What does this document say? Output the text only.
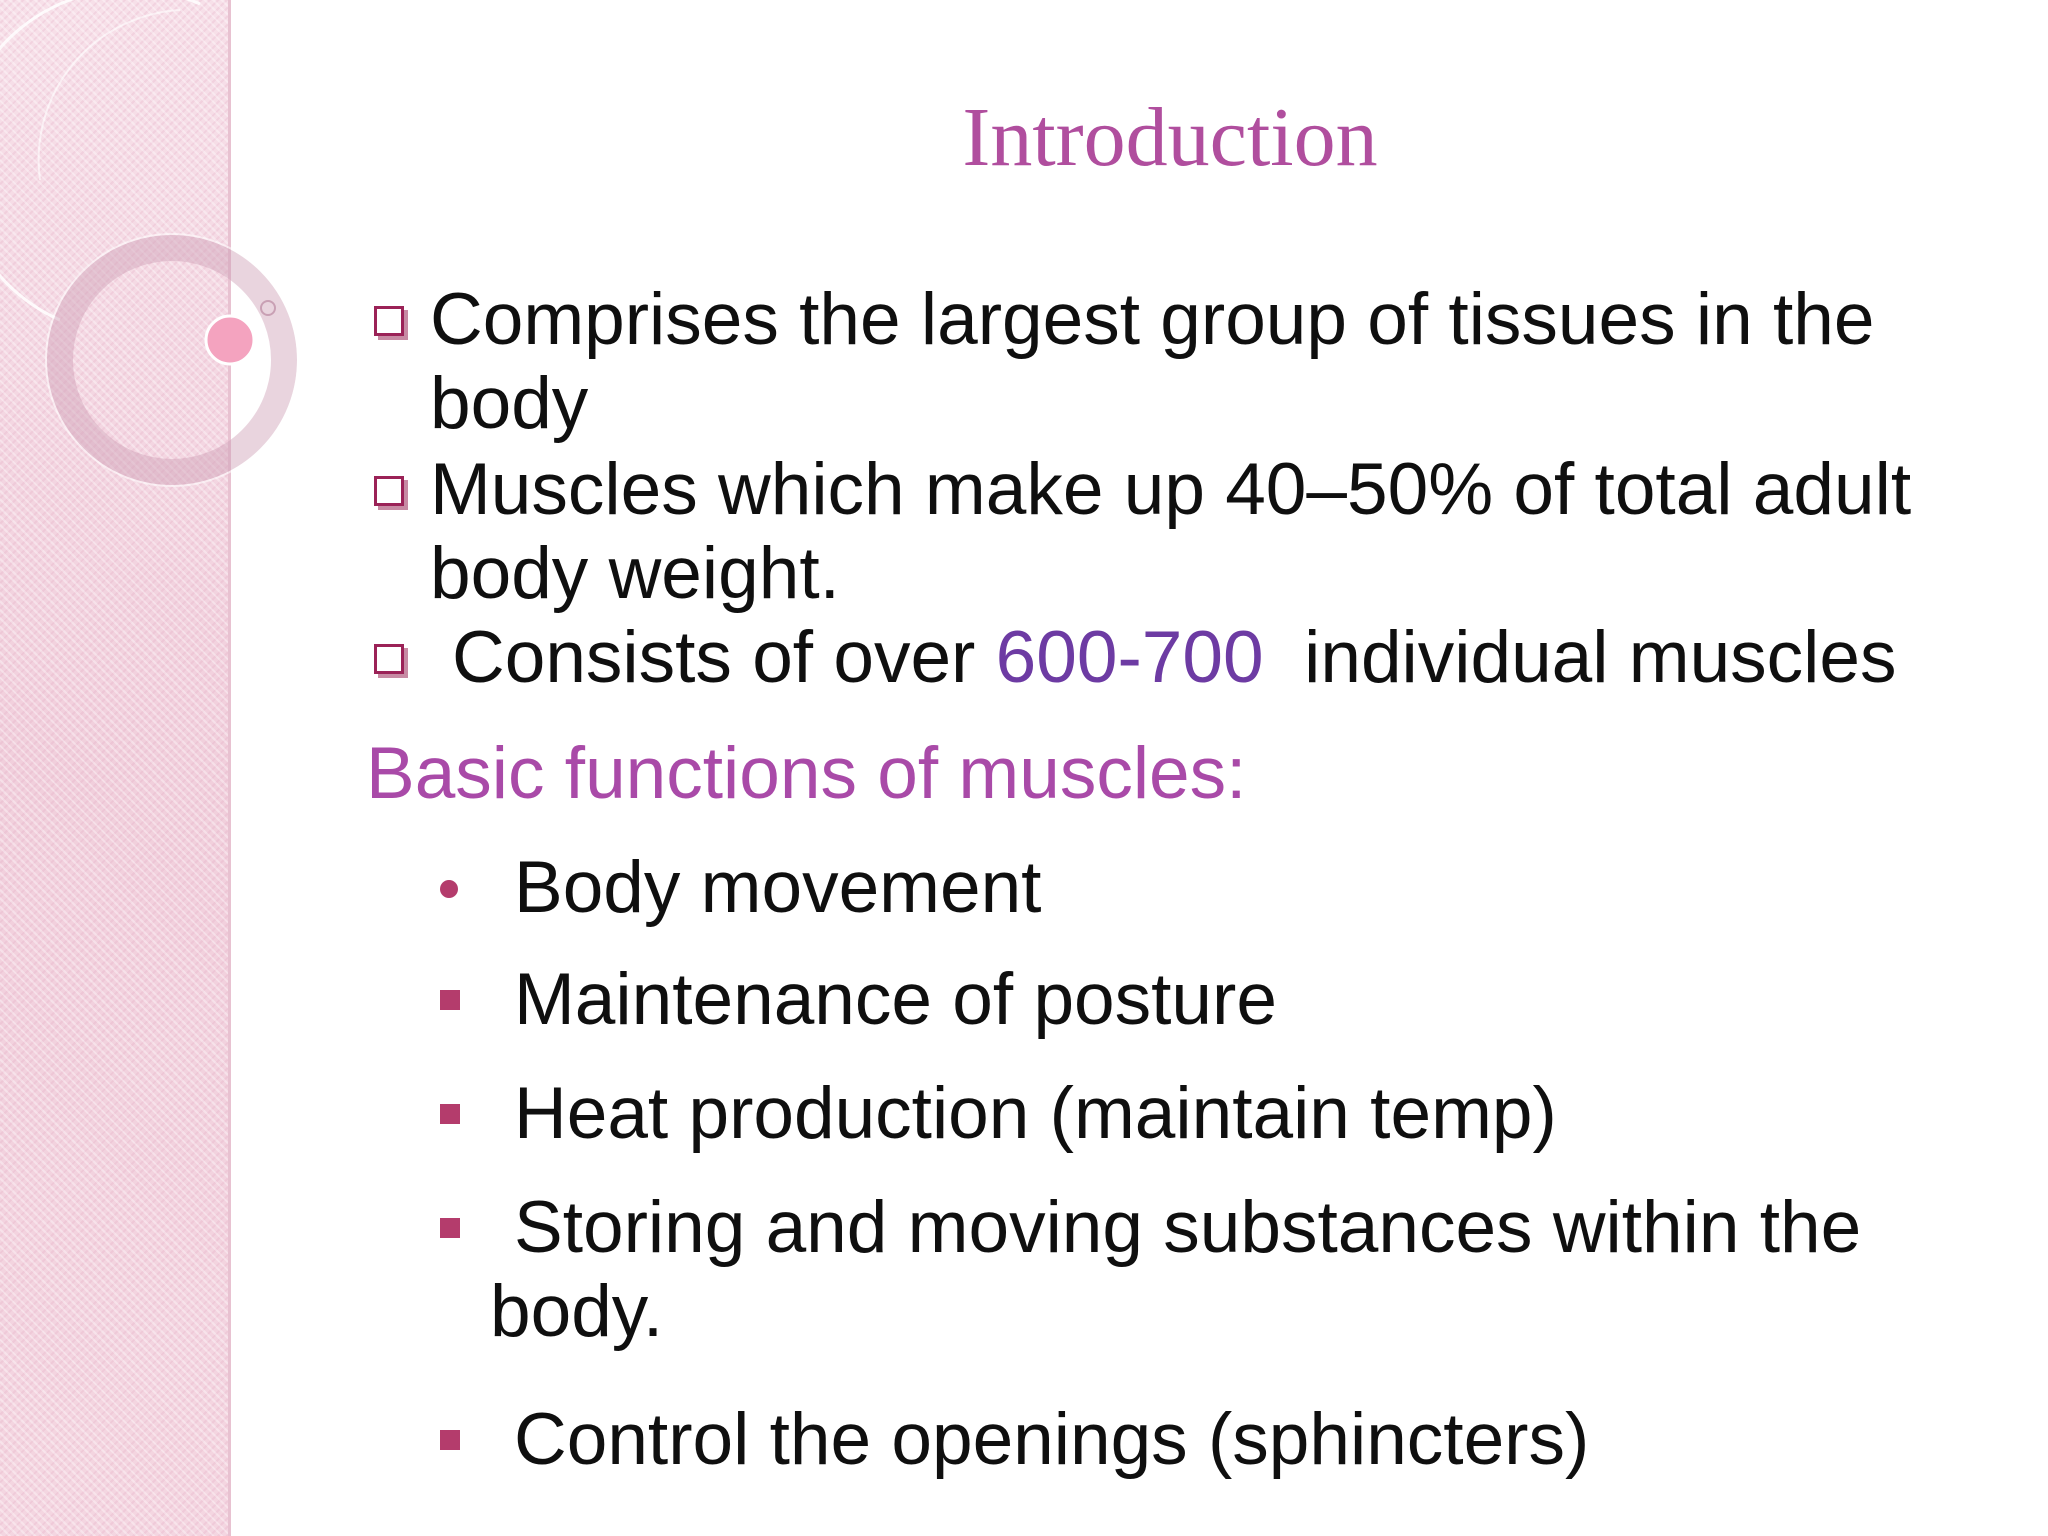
Introduction
Comprises the largest group of tissues in the body
Muscles which make up 40–50% of total adult body weight.
Consists of over 600-700  individual muscles
Basic functions of muscles:
Body movement
Maintenance of posture
Heat production (maintain temp)
Storing and moving substances within the
body.
Control the openings (sphincters)
